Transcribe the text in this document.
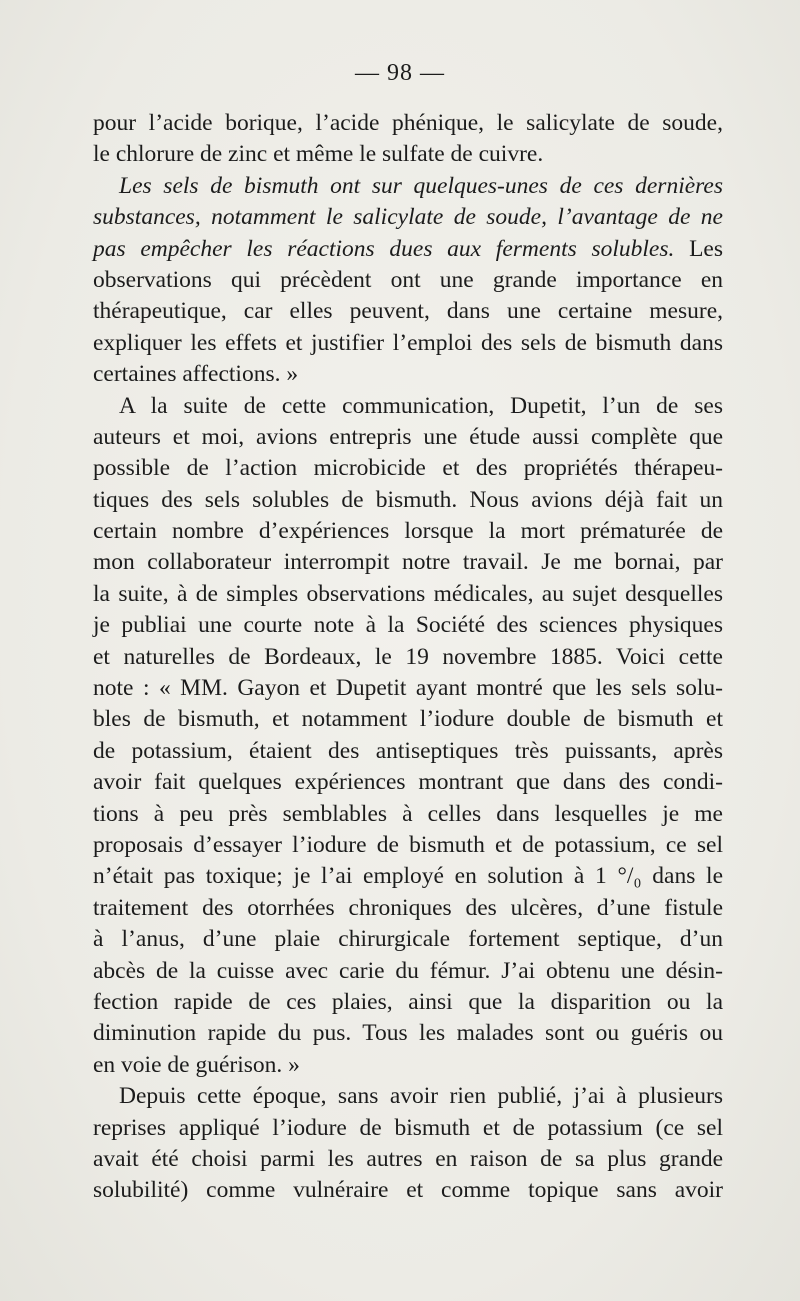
— 98 —
pour l’acide borique, l’acide phénique, le salicylate de soude,
le chlorure de zinc et même le sulfate de cuivre.
Les sels de bismuth ont sur quelques-unes de ces dernières
substances, notamment le salicylate de soude, l’avantage de ne
pas empêcher les réactions dues aux ferments solubles. Les
observations qui précèdent ont une grande importance en
thérapeutique, car elles peuvent, dans une certaine mesure,
expliquer les effets et justifier l’emploi des sels de bismuth dans
certaines affections. »
A la suite de cette communication, Dupetit, l’un de ses
auteurs et moi, avions entrepris une étude aussi complète que
possible de l’action microbicide et des propriétés thérapeu-
tiques des sels solubles de bismuth. Nous avions déjà fait un
certain nombre d’expériences lorsque la mort prématurée de
mon collaborateur interrompit notre travail. Je me bornai, par
la suite, à de simples observations médicales, au sujet desquelles
je publiai une courte note à la Société des sciences physiques
et naturelles de Bordeaux, le 19 novembre 1885. Voici cette
note : « MM. Gayon et Dupetit ayant montré que les sels solu-
bles de bismuth, et notamment l’iodure double de bismuth et
de potassium, étaient des antiseptiques très puissants, après
avoir fait quelques expériences montrant que dans des condi-
tions à peu près semblables à celles dans lesquelles je me
proposais d’essayer l’iodure de bismuth et de potassium, ce sel
n’était pas toxique; je l’ai employé en solution à 1 °/₀ dans le
traitement des otorrhées chroniques des ulcères, d’une fistule
à l’anus, d’une plaie chirurgicale fortement septique, d’un
abcès de la cuisse avec carie du fémur. J’ai obtenu une désin-
fection rapide de ces plaies, ainsi que la disparition ou la
diminution rapide du pus. Tous les malades sont ou guéris ou
en voie de guérison. »
Depuis cette époque, sans avoir rien publié, j’ai à plusieurs
reprises appliqué l’iodure de bismuth et de potassium (ce sel
avait été choisi parmi les autres en raison de sa plus grande
solubilité) comme vulnéraire et comme topique sans avoir
